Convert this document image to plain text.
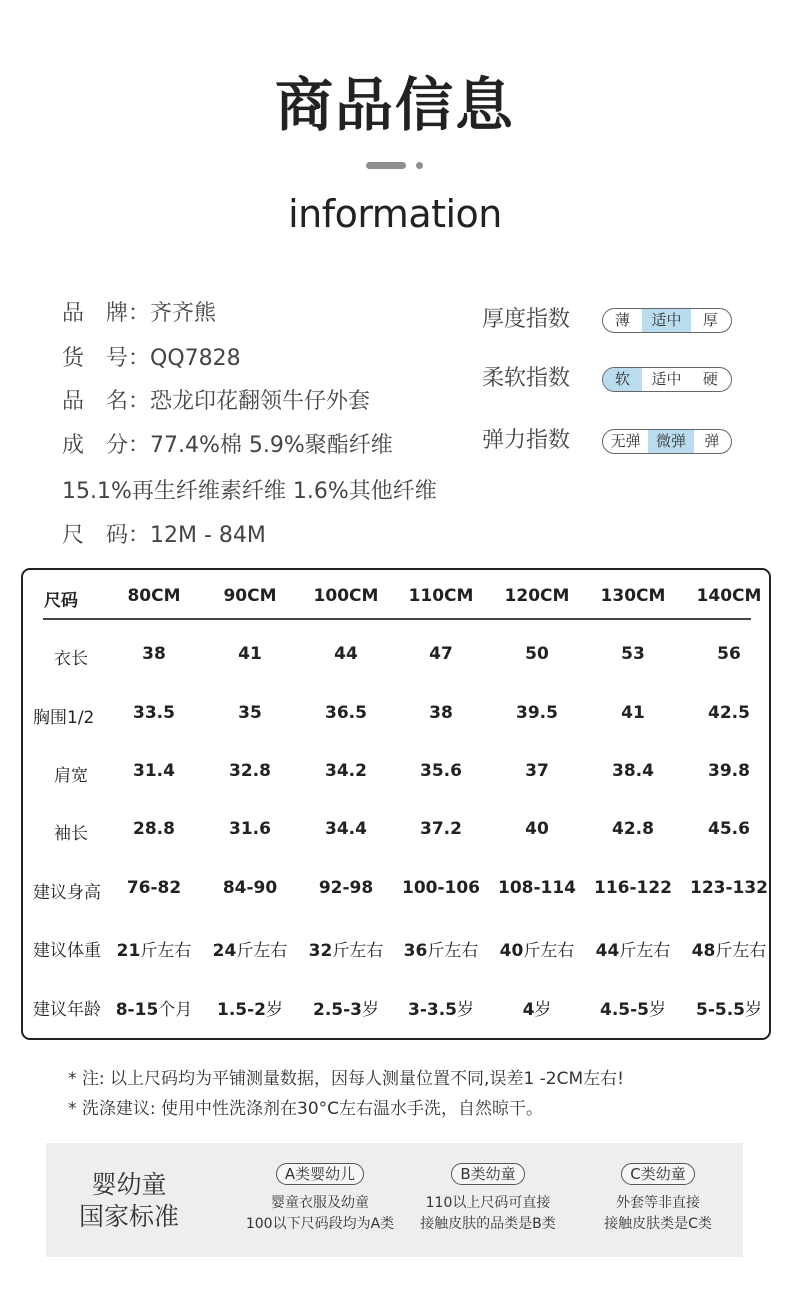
商品信息
information
品　牌：齐齐熊
货　号：QQ7828
品　名：恐龙印花翻领牛仔外套
成　分：77.4%棉 5.9%聚酯纤维
15.1%再生纤维素纤维 1.6%其他纤维
尺　码：12M - 84M
厚度指数	薄	适中	厚
柔软指数	软	适中	硬
弹力指数	无弹	微弹	弹
尺码	80CM	90CM 100CM 110CM 120CM 130CM 140CM
衣长	38	41	44	47	50	53	56
胸围1/2 33.5	35	36.5	38	39.5	41	42.5
肩宽	31.4	32.8	34.2	35.6	37	38.4	39.8
袖长	28.8	31.6	34.4	37.2	40	42.8	45.6
建议身高 76-82 84-90 92-98 100-106 108-114 116-122 123-132
建议体重 21斤左右 24斤左右 32斤左右 36斤左右 40斤左右 44斤左右 48斤左右
建议年龄 8-15个月 1.5-2岁 2.5-3岁 3-3.5岁	4岁	4.5-5岁 5-5.5岁
* 注: 以上尺码均为平铺测量数据，因每人测量位置不同,误差1 -2CM左右!
* 洗涤建议: 使用中性洗涤剂在30°C左右温水手洗，自然晾干。
婴幼童
国家标准
A类婴幼儿
婴童衣服及幼童
100以下尺码段均为A类
B类幼童
110以上尺码可直接
接触皮肤的品类是B类
C类幼童
外套等非直接
接触皮肤类是C类
